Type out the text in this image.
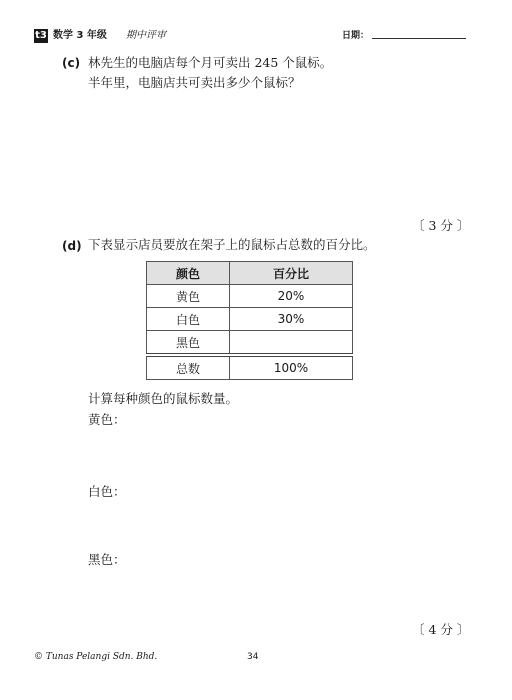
t3 数学 3 年级 期中评审	日期：
(c) 林先生的电脑店每个月可卖出 245 个鼠标。
半年里，电脑店共可卖出多少个鼠标？
〔 3 分 〕
(d) 下表显示店员要放在架子上的鼠标占总数的百分比。
颜色	百分比
黄色	20%
白色	30%
黑色	
总数	100%
计算每种颜色的鼠标数量。
黄色：
白色：
黑色：
〔 4 分 〕
© Tunas Pelangi Sdn. Bhd.	34
